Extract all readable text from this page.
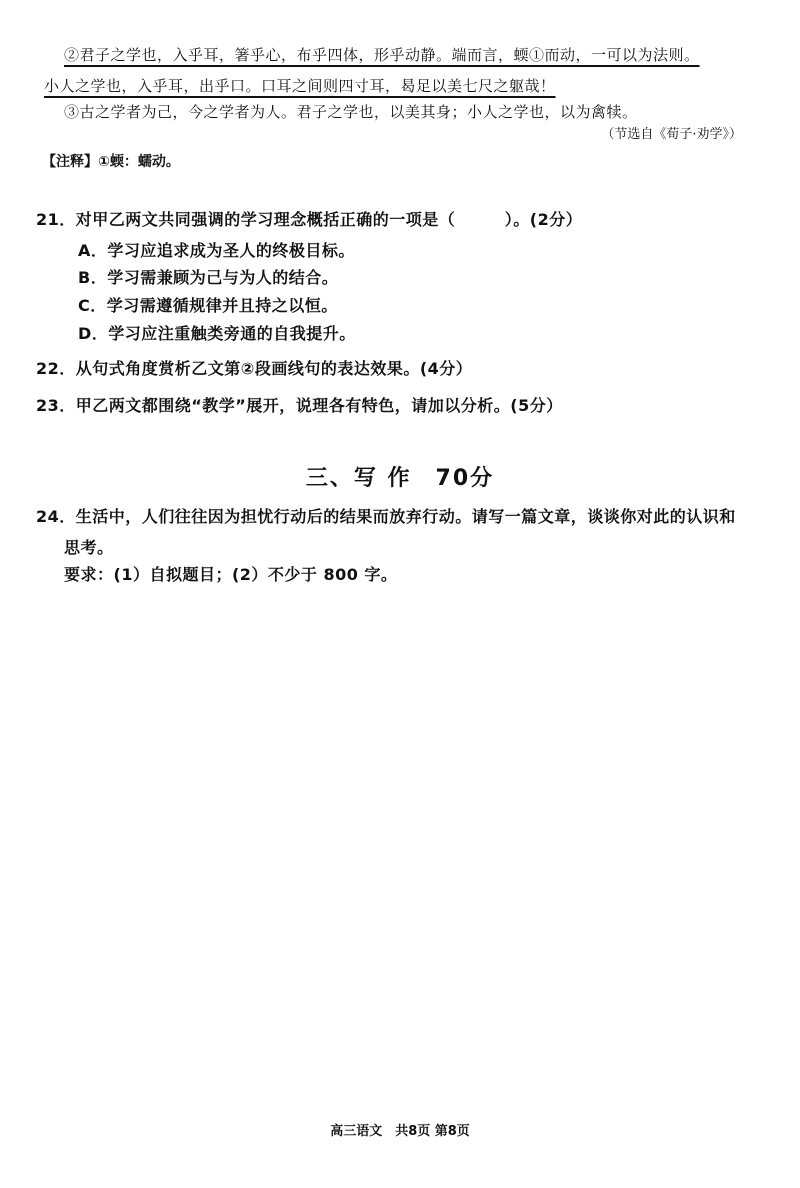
②君子之学也，入乎耳，箸乎心，布乎四体，形乎动静。端而言，蝡①而动，一可以为法则。
小人之学也，入乎耳，出乎口。口耳之间则四寸耳，曷足以美七尺之躯哉！
③古之学者为己，今之学者为人。君子之学也，以美其身；小人之学也，以为禽犊。
（节选自《荀子·劝学》）
【注释】①蝡：蠕动。
21．对甲乙两文共同强调的学习理念概括正确的一项是（　　　）。(2分）
A．学习应追求成为圣人的终极目标。
B．学习需兼顾为己与为人的结合。
C．学习需遵循规律并且持之以恒。
D．学习应注重触类旁通的自我提升。
22．从句式角度赏析乙文第②段画线句的表达效果。(4分）
23．甲乙两文都围绕“教学”展开，说理各有特色，请加以分析。(5分）
三、写 作　70分
24．生活中，人们往往因为担忧行动后的结果而放弃行动。请写一篇文章，谈谈你对此的认识和
思考。
要求：(1）自拟题目；(2）不少于 800 字。
高三语文　共8页 第8页
